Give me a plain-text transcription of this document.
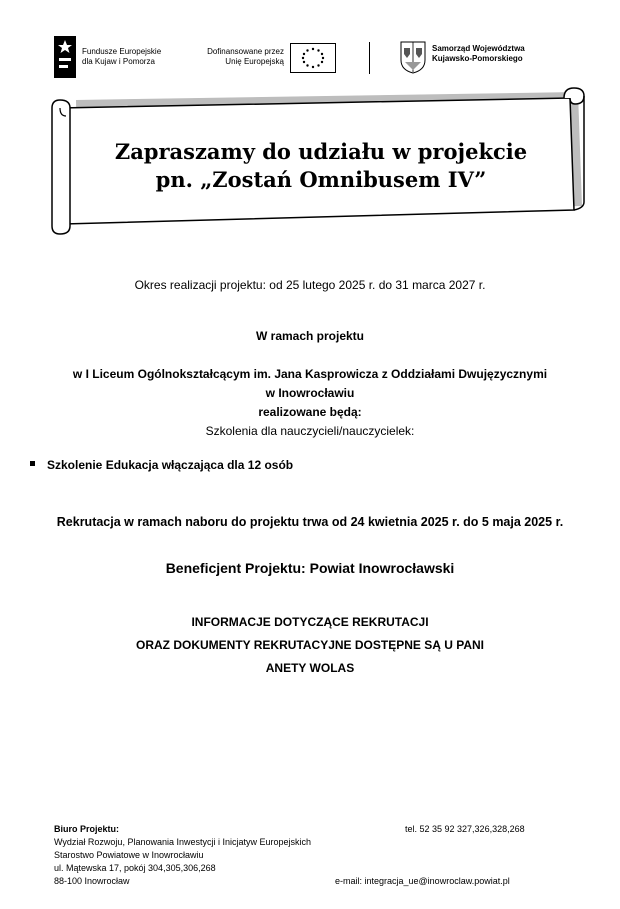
Fundusze Europejskie
dla Kujaw i Pomorza
Dofinansowane przez
Unię Europejską
Samorząd Województwa
Kujawsko-Pomorskiego
Zapraszamy do udziału w projekcie
pn. „Zostań Omnibusem IV”
Okres realizacji projektu: od 25 lutego 2025 r. do 31 marca 2027 r.
W ramach projektu
w I Liceum Ogólnokształcącym im. Jana Kasprowicza z Oddziałami Dwujęzycznymi
w Inowrocławiu
realizowane będą:
Szkolenia dla nauczycieli/nauczycielek:
Szkolenie Edukacja włączająca dla 12 osób
Rekrutacja w ramach naboru do projektu trwa od 24 kwietnia 2025 r. do 5 maja 2025 r.
Beneficjent Projektu: Powiat Inowrocławski
INFORMACJE DOTYCZĄCE REKRUTACJI
ORAZ DOKUMENTY REKRUTACYJNE DOSTĘPNE SĄ U PANI
ANETY WOLAS
Biuro Projektu:
Wydział Rozwoju, Planowania Inwestycji i Inicjatyw Europejskich
Starostwo Powiatowe w Inowrocławiu
ul. Mątewska 17, pokój 304,305,306,268
88-100 Inowrocław
tel. 52 35 92 327,326,328,268
e-mail: integracja_ue@inowroclaw.powiat.pl
